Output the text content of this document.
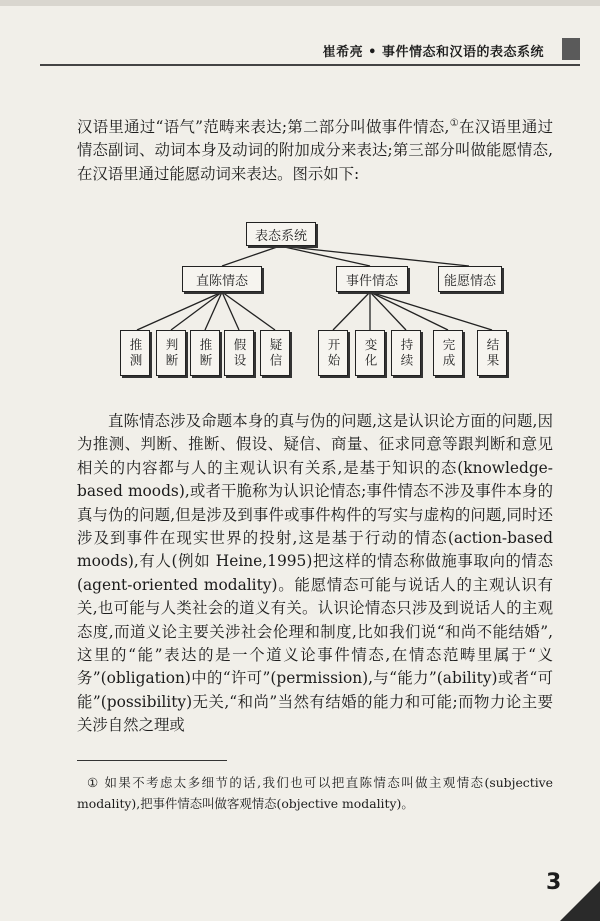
崔希亮 • 事件情态和汉语的表态系统

汉语里通过“语气”范畴来表达;第二部分叫做事件情态,①在汉语里通过情态副词、动词本身及动词的附加成分来表达;第三部分叫做能愿情态,在汉语里通过能愿动词来表达。图示如下:

表态系统
直陈情态	事件情态	能愿情态
推测	判断	推断	假设	疑信	开始	变化	持续	完成	结果

直陈情态涉及命题本身的真与伪的问题,这是认识论方面的问题,因为推测、判断、推断、假设、疑信、商量、征求同意等跟判断和意见相关的内容都与人的主观认识有关系,是基于知识的态(knowledge-based moods),或者干脆称为认识论情态;事件情态不涉及事件本身的真与伪的问题,但是涉及到事件或事件构件的写实与虚构的问题,同时还涉及到事件在现实世界的投射,这是基于行动的情态(action-based moods),有人(例如 Heine,1995)把这样的情态称做施事取向的情态(agent-oriented modality)。能愿情态可能与说话人的主观认识有关,也可能与人类社会的道义有关。认识论情态只涉及到说话人的主观态度,而道义论主要关涉社会伦理和制度,比如我们说“和尚不能结婚”,这里的“能”表达的是一个道义论事件情态,在情态范畴里属于“义务”(obligation)中的“许可”(permission),与“能力”(ability)或者“可能”(possibility)无关,“和尚”当然有结婚的能力和可能;而物力论主要关涉自然之理或

① 如果不考虑太多细节的话,我们也可以把直陈情态叫做主观情态(subjective modality),把事件情态叫做客观情态(objective modality)。

3
